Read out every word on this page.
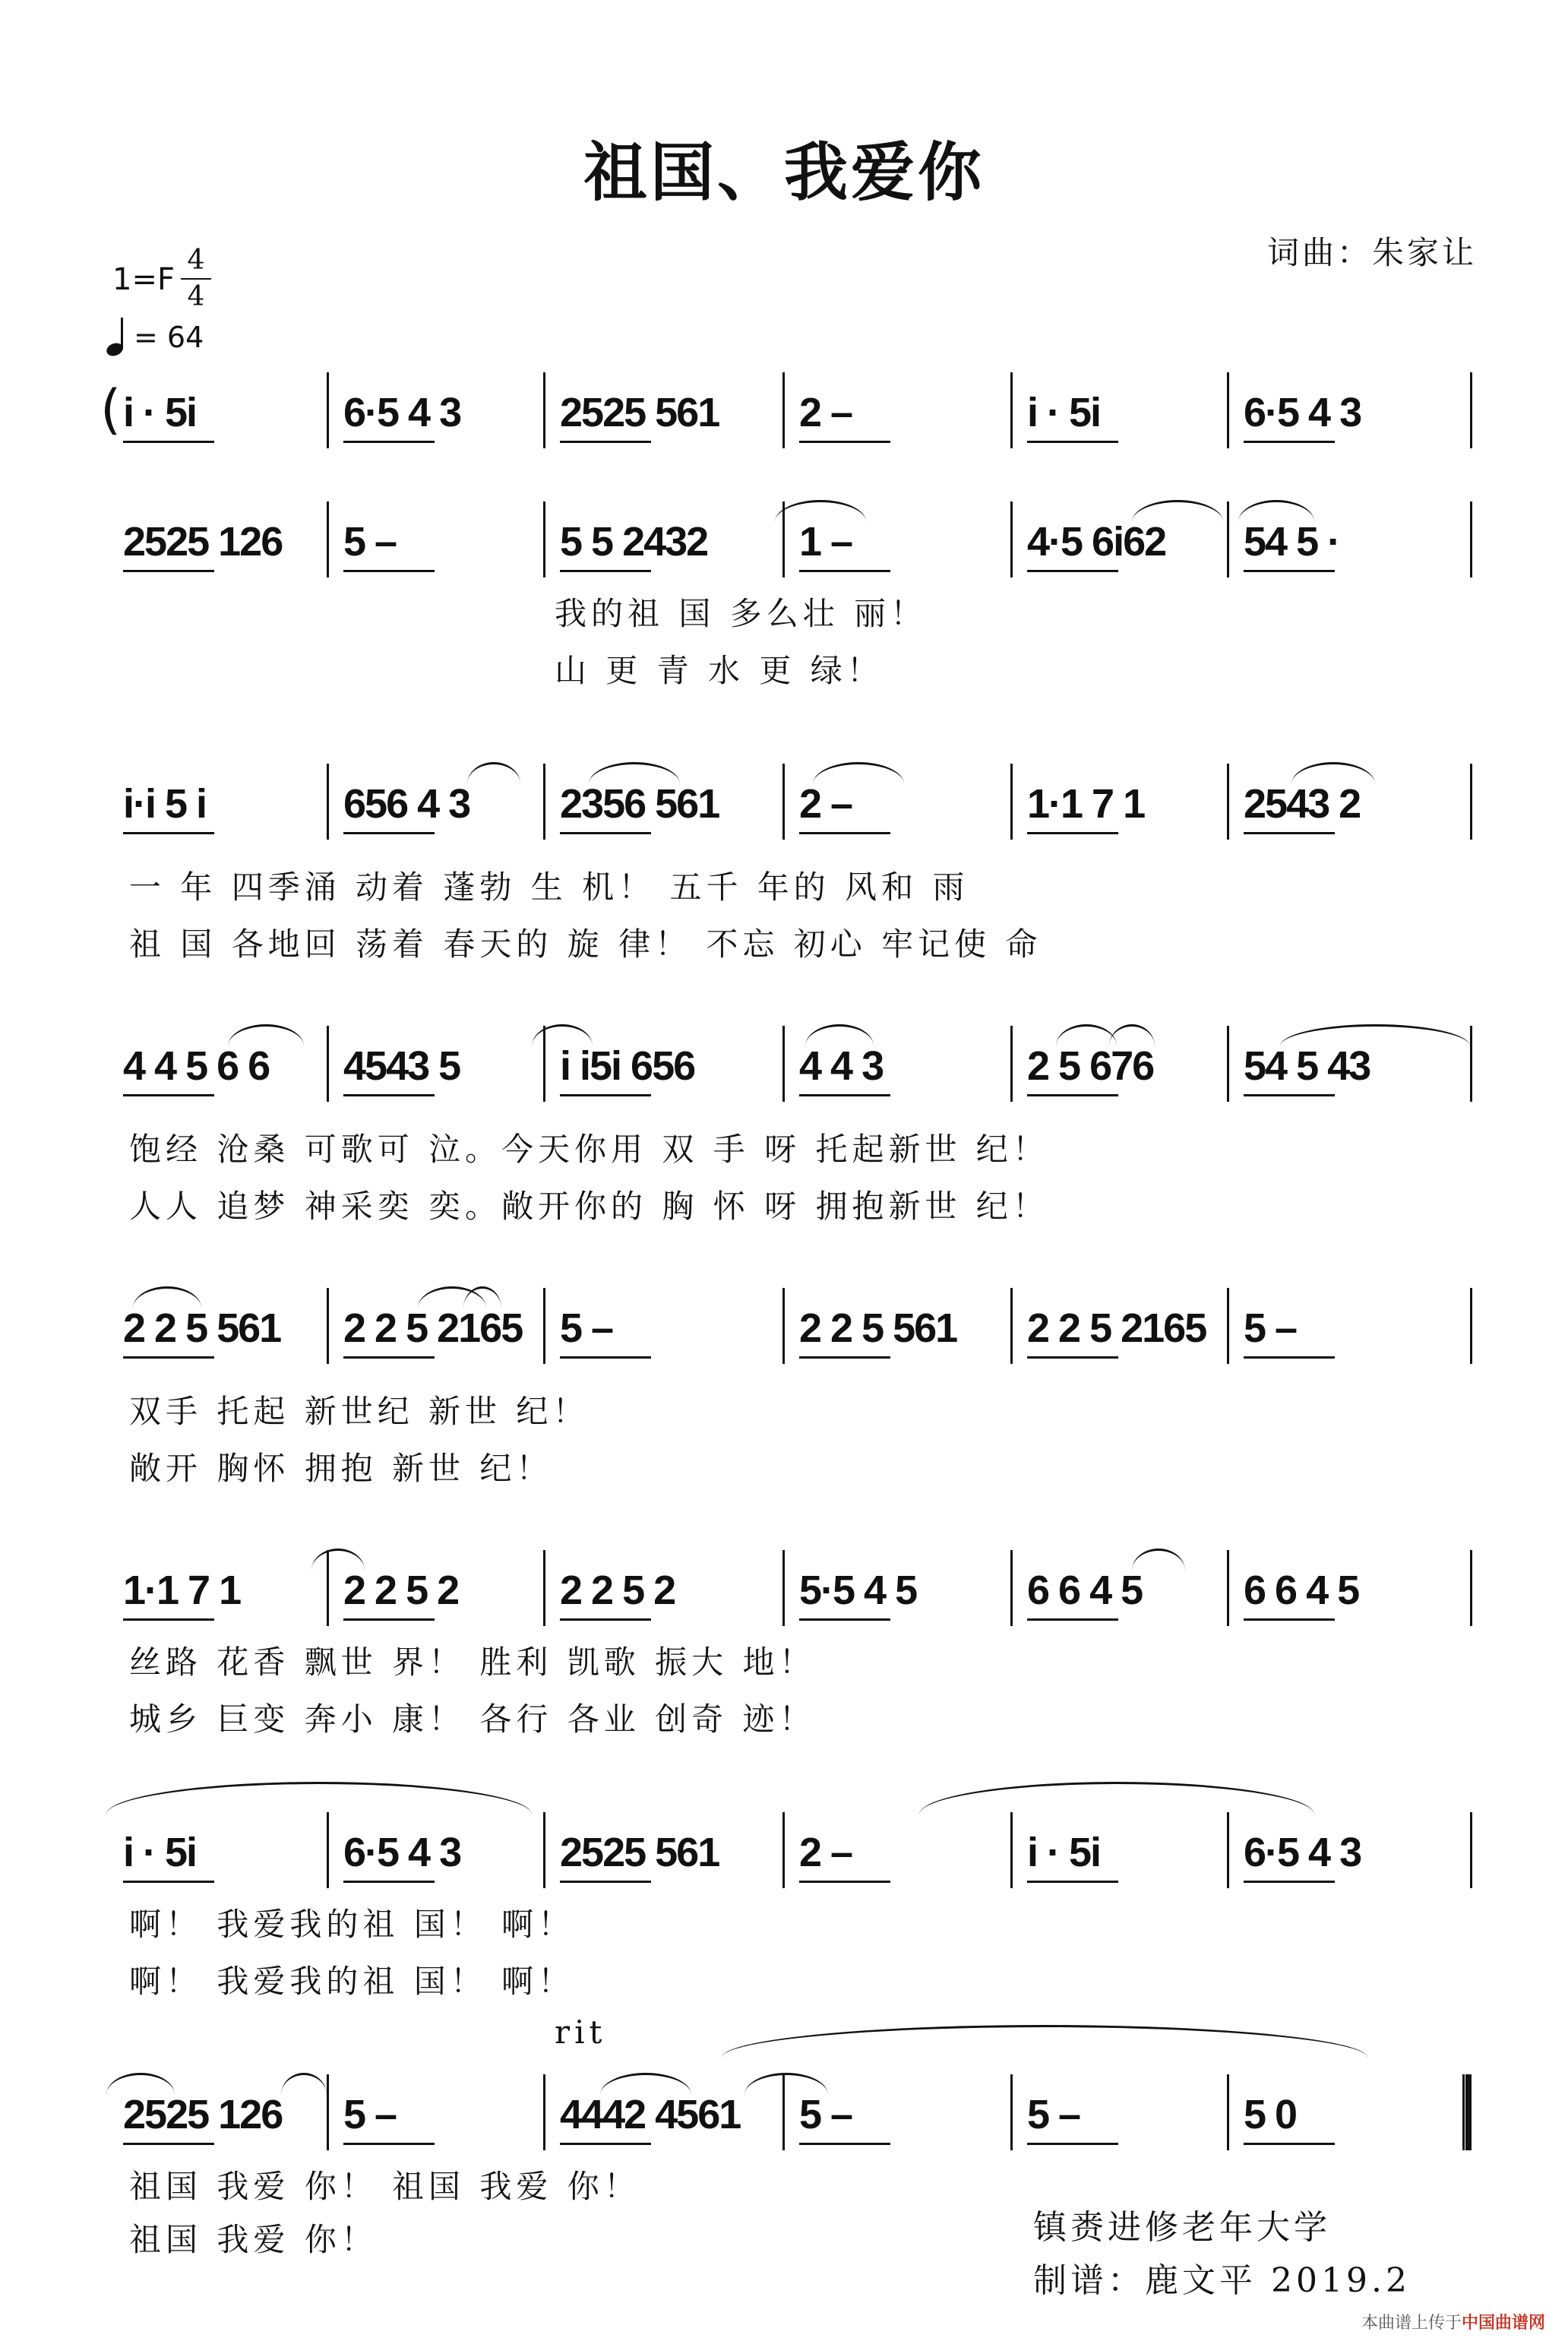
祖国、我爱你
词曲：朱家让
1=F
4
4
= 64
( i · 5i	6·5 4 3	2525 561	2 –	i · 5i	6·5 4 3
2525 126	5 –	5 5 2432	1 –	4·5 6i62	54 5 ·
我的祖 国 多么壮 丽！
山 更 青 水 更 绿！
i·i 5 i	656 4 3	2356 561	2 –	1·1 7 1	2543 2
一 年 四季涌 动着 蓬勃 生 机！ 五千 年的 风和 雨
祖 国 各地回 荡着 春天的 旋 律！ 不忘 初心 牢记使 命
4 4 5 6 6	4543 5	i i5i 656	4 4 3	2 5 676	54 5 43
饱经 沧桑 可歌可 泣。今天你用 双 手 呀 托起新世 纪！
人人 追梦 神采奕 奕。敞开你的 胸 怀 呀 拥抱新世 纪！
2 2 5 561	2 2 5 2165 5 –	2 2 5 561	2 2 5 2165 5 –
双手 托起 新世纪 新世 纪！
敞开 胸怀 拥抱 新世 纪！
1·1 7 1	2 2 5 2	2 2 5 2	5·5 4 5	6 6 4 5	6 6 4 5
丝路 花香 飘世 界！ 胜利 凯歌 振大 地！
城乡 巨变 奔小 康！ 各行 各业 创奇 迹！
i · 5i	6·5 4 3	2525 561	2 –	i · 5i	6·5 4 3
啊！ 我爱我的祖 国！ 啊！
啊！ 我爱我的祖 国！ 啊！
2525 126	5 –	4442 4561	5 –	5 –	5 0
祖国 我爱 你！ 祖国 我爱 你！
祖国 我爱 你！
rit
镇赉进修老年大学
制谱：鹿文平 2019.2
本曲谱上传于中国曲谱网
